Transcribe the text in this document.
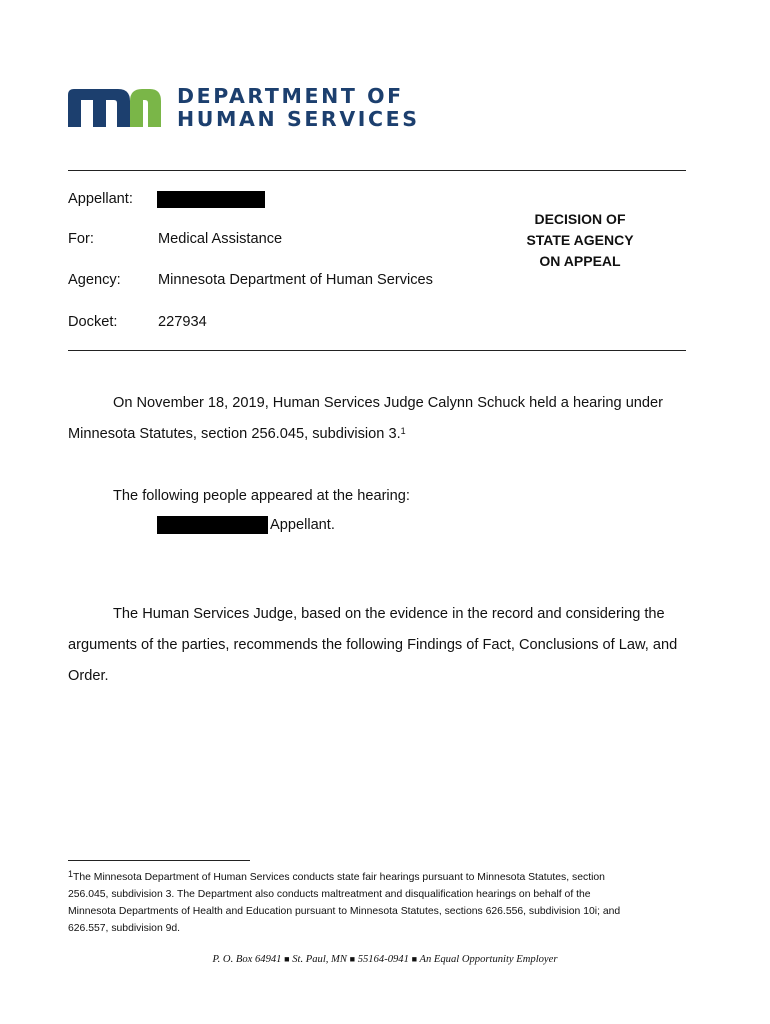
DEPARTMENT OF
HUMAN SERVICES
Appellant:
For:	Medical Assistance
Agency:	Minnesota Department of Human Services
Docket:	227934
DECISION OF
STATE AGENCY
ON APPEAL
On November 18, 2019, Human Services Judge Calynn Schuck held a hearing under
Minnesota Statutes, section 256.045, subdivision 3.$^1$
The following people appeared at the hearing:
Appellant.
The Human Services Judge, based on the evidence in the record and considering the
arguments of the parties, recommends the following Findings of Fact, Conclusions of Law, and
Order.
$^1$The Minnesota Department of Human Services conducts state fair hearings pursuant to Minnesota Statutes, section
256.045, subdivision 3. The Department also conducts maltreatment and disqualification hearings on behalf of the
Minnesota Departments of Health and Education pursuant to Minnesota Statutes, sections 626.556, subdivision 10i; and
626.557, subdivision 9d.
P. O. Box 64941 ■ St. Paul, MN ■ 55164-0941 ■ An Equal Opportunity Employer
